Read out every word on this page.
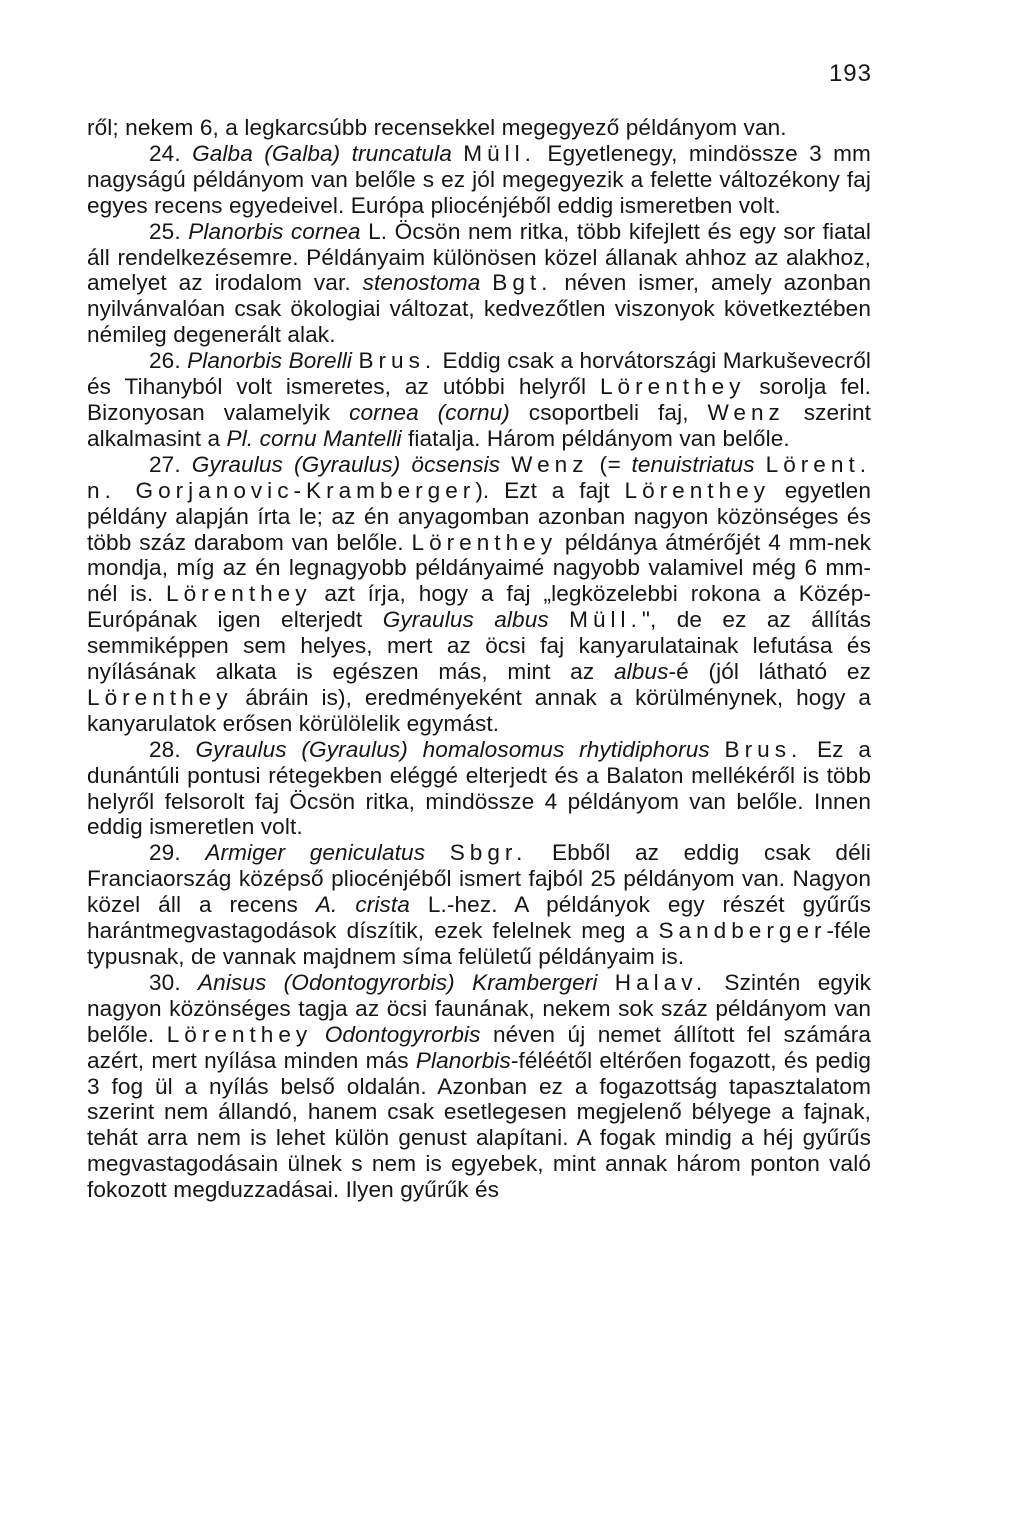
193

ről; nekem 6, a legkarcsúbb recensekkel megegyező példányom van.

24. Galba (Galba) truncatula Müll. Egyetlenegy, mindössze 3 mm nagyságú példányom van belőle s ez jól megegyezik a felette változékony faj egyes recens egyedeivel. Európa pliocénjéből eddig ismeretben volt.

25. Planorbis cornea L. Öcsön nem ritka, több kifejlett és egy sor fiatal áll rendelkezésemre. Példányaim különösen közel állanak ahhoz az alakhoz, amelyet az irodalom var. stenostoma Bgt. néven ismer, amely azonban nyilvánvalóan csak ökologiai változat, kedvezőtlen viszonyok következtében némileg degenerált alak.

26. Planorbis Borelli Brus. Eddig csak a horvátországi Markuševecről és Tihanyból volt ismeretes, az utóbbi helyről Lörenthey sorolja fel. Bizonyosan valamelyik cornea (cornu) csoportbeli faj, Wenz szerint alkalmasint a Pl. cornu Mantelli fiatalja. Három példányom van belőle.

27. Gyraulus (Gyraulus) öcsensis Wenz (= tenuistriatus Lörent. n. Gorjanovic-Kramberger). Ezt a fajt Lörenthey egyetlen példány alapján írta le; az én anyagomban azonban nagyon közönséges és több száz darabom van belőle. Lörenthey példánya átmérőjét 4 mm-nek mondja, míg az én legnagyobb példányaimé nagyobb valamivel még 6 mm-nél is. Lörenthey azt írja, hogy a faj „legközelebbi rokona a Közép-Európának igen elterjedt Gyraulus albus Müll.", de ez az állítás semmiképpen sem helyes, mert az öcsi faj kanyarulatainak lefutása és nyílásának alkata is egészen más, mint az albus-é (jól látható ez Lörenthey ábráin is), eredményeként annak a körülménynek, hogy a kanyarulatok erősen körülölelik egymást.

28. Gyraulus (Gyraulus) homalosomus rhytidiphorus Brus. Ez a dunántúli pontusi rétegekben eléggé elterjedt és a Balaton mellékéről is több helyről felsorolt faj Öcsön ritka, mindössze 4 példányom van belőle. Innen eddig ismeretlen volt.

29. Armiger geniculatus Sbgr. Ebből az eddig csak déli Franciaország középső pliocénjéből ismert fajból 25 példányom van. Nagyon közel áll a recens A. crista L.-hez. A példányok egy részét gyűrűs harántmegvastagodások díszítik, ezek felelnek meg a Sandberger-féle typusnak, de vannak majdnem síma felületű példányaim is.

30. Anisus (Odontogyrorbis) Krambergeri Halav. Szintén egyik nagyon közönséges tagja az öcsi faunának, nekem sok száz példányom van belőle. Lörenthey Odontogyrorbis néven új nemet állított fel számára azért, mert nyílása minden más Planorbis-féléétől eltérően fogazott, és pedig 3 fog ül a nyílás belső oldalán. Azonban ez a fogazottság tapasztalatom szerint nem állandó, hanem csak esetlegesen megjelenő bélyege a fajnak, tehát arra nem is lehet külön genust alapítani. A fogak mindig a héj gyűrűs megvastagodásain ülnek s nem is egyebek, mint annak három ponton való fokozott megduzzadásai. Ilyen gyűrűk és
